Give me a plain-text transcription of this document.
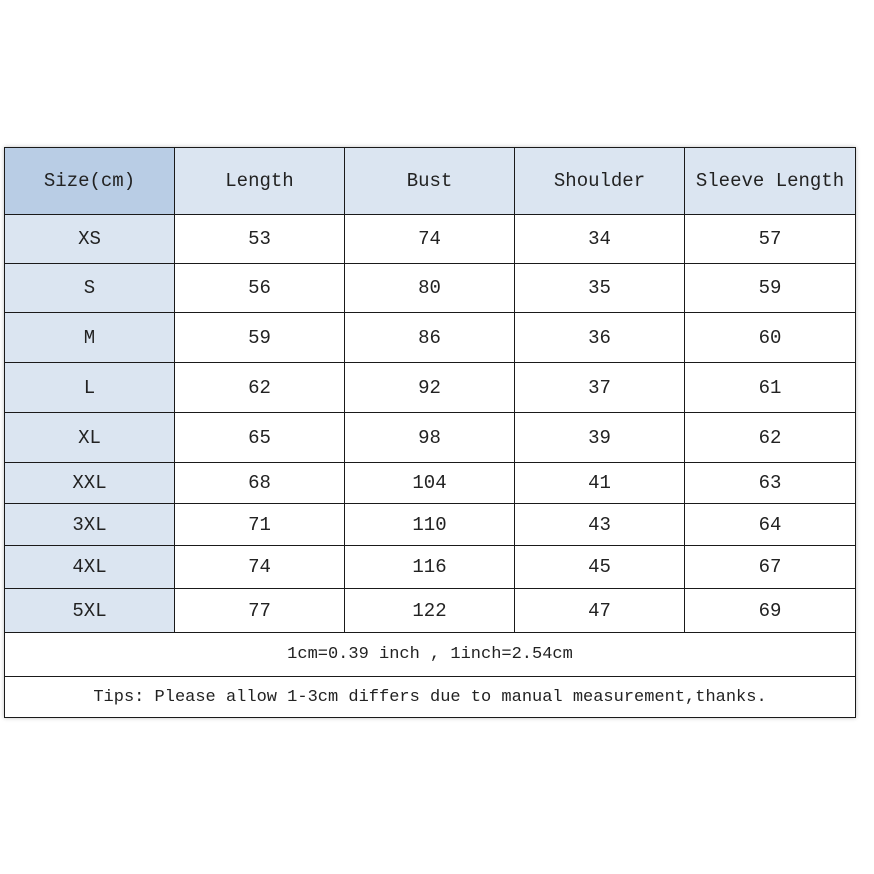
Size(cm)	Length	Bust	Shoulder	Sleeve Length
XS	53	74	34	57
S	56	80	35	59
M	59	86	36	60
L	62	92	37	61
XL	65	98	39	62
XXL	68	104	41	63
3XL	71	110	43	64
4XL	74	116	45	67
5XL	77	122	47	69
1cm=0.39 inch , 1inch=2.54cm				
Tips: Please allow 1-3cm differs due to manual measurement,thanks.				
